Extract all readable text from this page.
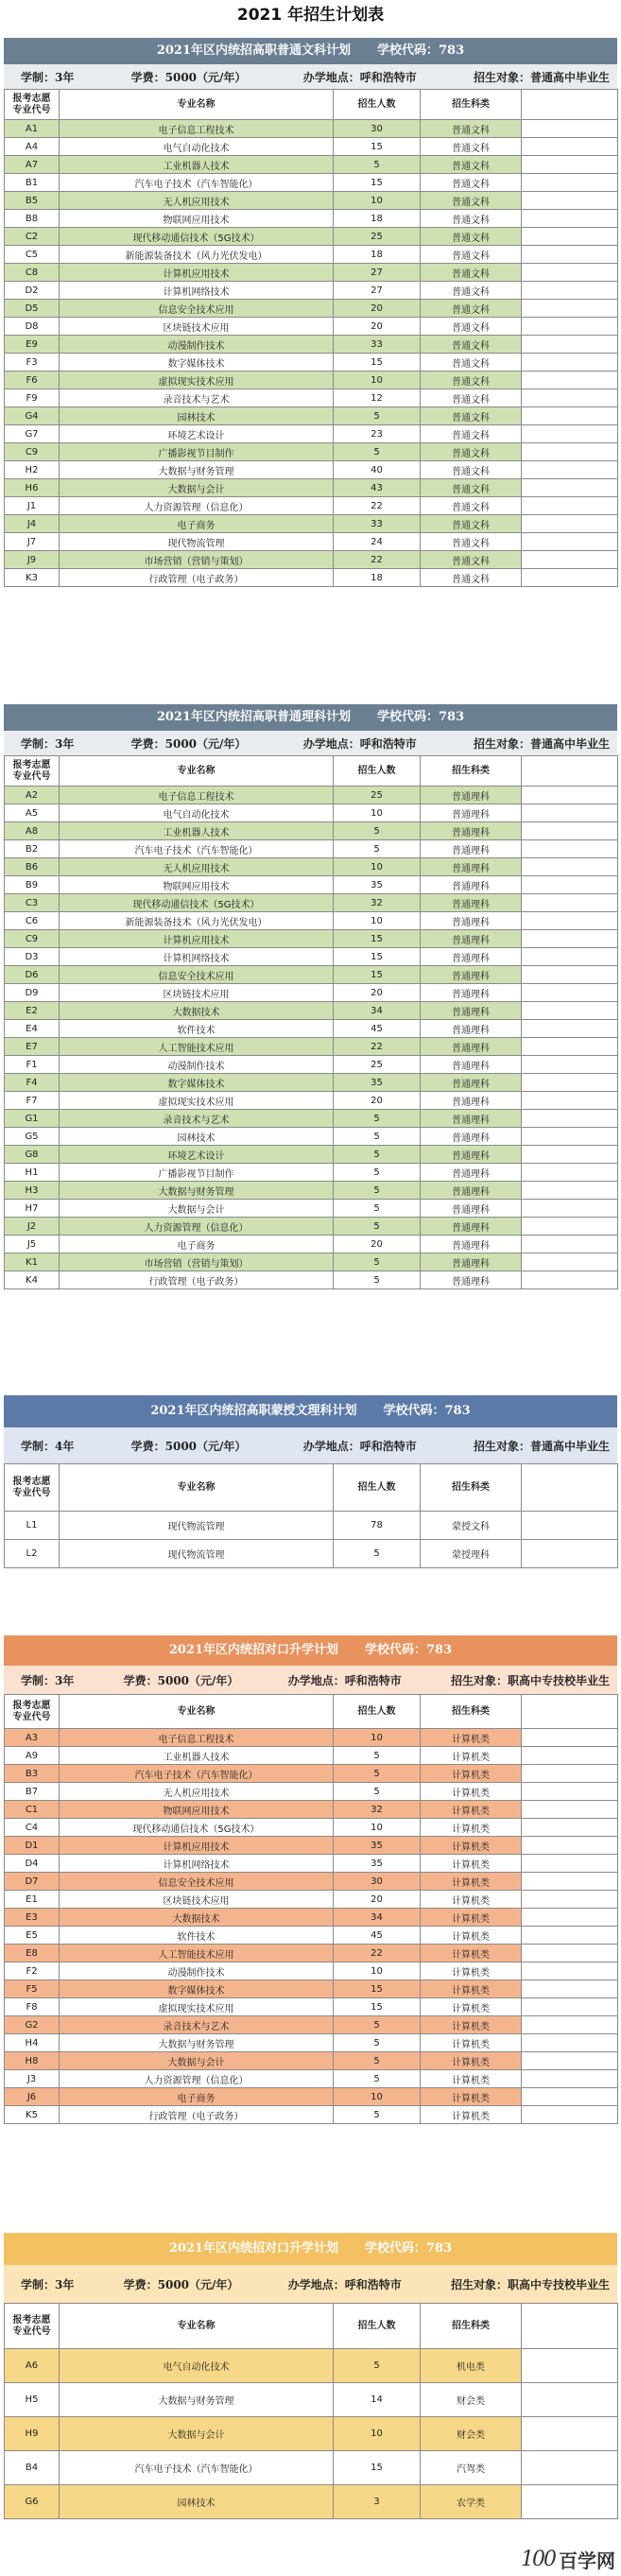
2021 年招生计划表
2021年区内统招高职普通文科计划 学校代码：783
学制：3年	学费：5000（元/年）	办学地点：呼和浩特市	招生对象：普通高中毕业生
报考志愿
专业代号	专业名称	招生人数	招生科类	
A1	电子信息工程技术	30	普通文科	
A4	电气自动化技术	15	普通文科	
A7	工业机器人技术	5	普通文科	
B1	汽车电子技术（汽车智能化）	15	普通文科	
B5	无人机应用技术	10	普通文科	
B8	物联网应用技术	18	普通文科	
C2	现代移动通信技术（5G技术）	25	普通文科	
C5	新能源装备技术（风力光伏发电）	18	普通文科	
C8	计算机应用技术	27	普通文科	
D2	计算机网络技术	27	普通文科	
D5	信息安全技术应用	20	普通文科	
D8	区块链技术应用	20	普通文科	
E9	动漫制作技术	33	普通文科	
F3	数字媒体技术	15	普通文科	
F6	虚拟现实技术应用	10	普通文科	
F9	录音技术与艺术	12	普通文科	
G4	园林技术	5	普通文科	
G7	环境艺术设计	23	普通文科	
C9	广播影视节目制作	5	普通文科	
H2	大数据与财务管理	40	普通文科	
H6	大数据与会计	43	普通文科	
J1	人力资源管理（信息化）	22	普通文科	
J4	电子商务	33	普通文科	
J7	现代物流管理	24	普通文科	
J9	市场营销（营销与策划）	22	普通文科	
K3	行政管理（电子政务）	18	普通文科	
2021年区内统招高职普通理科计划 学校代码：783
学制：3年	学费：5000（元/年）	办学地点：呼和浩特市	招生对象：普通高中毕业生
报考志愿
专业代号	专业名称	招生人数	招生科类	
A2	电子信息工程技术	25	普通理科	
A5	电气自动化技术	10	普通理科	
A8	工业机器人技术	5	普通理科	
B2	汽车电子技术（汽车智能化）	5	普通理科	
B6	无人机应用技术	10	普通理科	
B9	物联网应用技术	35	普通理科	
C3	现代移动通信技术（5G技术）	32	普通理科	
C6	新能源装备技术（风力光伏发电）	10	普通理科	
C9	计算机应用技术	15	普通理科	
D3	计算机网络技术	15	普通理科	
D6	信息安全技术应用	15	普通理科	
D9	区块链技术应用	20	普通理科	
E2	大数据技术	34	普通理科	
E4	软件技术	45	普通理科	
E7	人工智能技术应用	22	普通理科	
F1	动漫制作技术	25	普通理科	
F4	数字媒体技术	35	普通理科	
F7	虚拟现实技术应用	20	普通理科	
G1	录音技术与艺术	5	普通理科	
G5	园林技术	5	普通理科	
G8	环境艺术设计	5	普通理科	
H1	广播影视节目制作	5	普通理科	
H3	大数据与财务管理	5	普通理科	
H7	大数据与会计	5	普通理科	
J2	人力资源管理（信息化）	5	普通理科	
J5	电子商务	20	普通理科	
K1	市场营销（营销与策划）	5	普通理科	
K4	行政管理（电子政务）	5	普通理科	
2021年区内统招高职蒙授文理科计划 学校代码：783
学制：4年	学费：5000（元/年）	办学地点：呼和浩特市	招生对象：普通高中毕业生
报考志愿
专业代号	专业名称	招生人数	招生科类	
L1	现代物流管理	78	蒙授文科	
L2	现代物流管理	5	蒙授理科	
2021年区内统招对口升学计划 学校代码：783
学制：3年	学费：5000（元/年）	办学地点：呼和浩特市	招生对象：职高中专技校毕业生
报考志愿
专业代号	专业名称	招生人数	招生科类	
A3	电子信息工程技术	10	计算机类	
A9	工业机器人技术	5	计算机类	
B3	汽车电子技术（汽车智能化）	5	计算机类	
B7	无人机应用技术	5	计算机类	
C1	物联网应用技术	32	计算机类	
C4	现代移动通信技术（5G技术）	10	计算机类	
D1	计算机应用技术	35	计算机类	
D4	计算机网络技术	35	计算机类	
D7	信息安全技术应用	30	计算机类	
E1	区块链技术应用	20	计算机类	
E3	大数据技术	34	计算机类	
E5	软件技术	45	计算机类	
E8	人工智能技术应用	22	计算机类	
F2	动漫制作技术	10	计算机类	
F5	数字媒体技术	15	计算机类	
F8	虚拟现实技术应用	15	计算机类	
G2	录音技术与艺术	5	计算机类	
H4	大数据与财务管理	5	计算机类	
H8	大数据与会计	5	计算机类	
J3	人力资源管理（信息化）	5	计算机类	
J6	电子商务	10	计算机类	
K5	行政管理（电子政务）	5	计算机类	
2021年区内统招对口升学计划 学校代码：783
学制：3年	学费：5000（元/年）	办学地点：呼和浩特市	招生对象：职高中专技校毕业生
报考志愿
专业代号	专业名称	招生人数	招生科类	
A6	电气自动化技术	5	机电类	
H5	大数据与财务管理	14	财会类	
H9	大数据与会计	10	财会类	
B4	汽车电子技术（汽车智能化）	15	汽驾类	
G6	园林技术	3	农学类	
100 百学网
